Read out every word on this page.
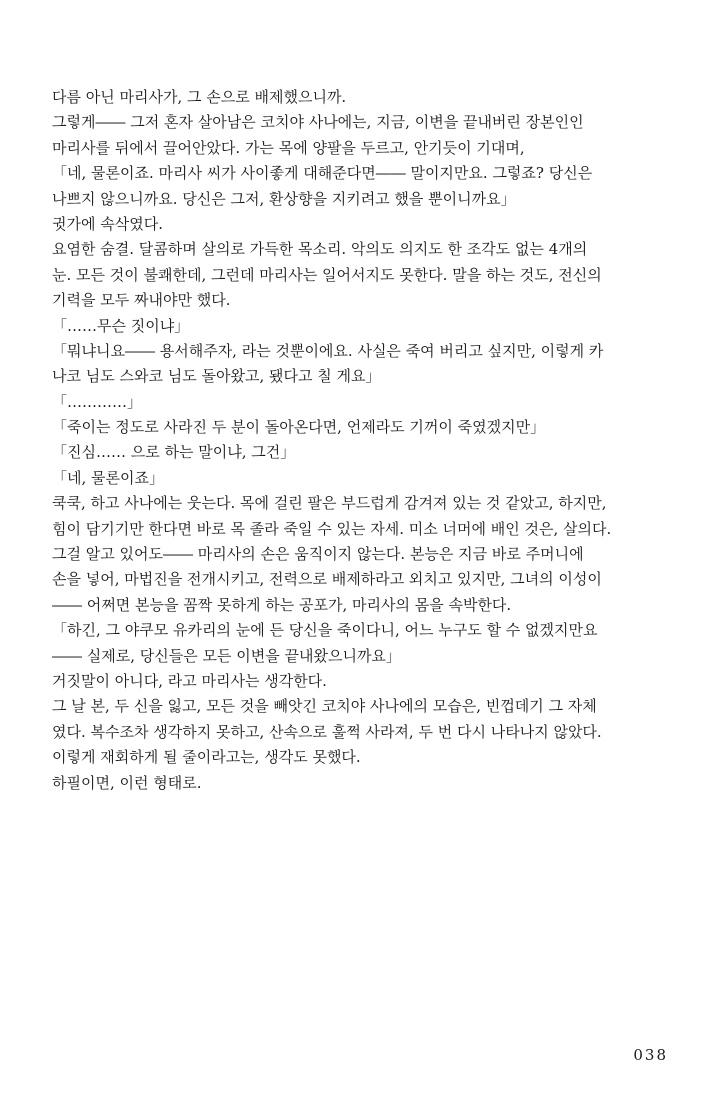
다름 아닌 마리사가, 그 손으로 배제했으니까.
그렇게―― 그저 혼자 살아남은 코치야 사나에는, 지금, 이변을 끝내버린 장본인인
마리사를 뒤에서 끌어안았다. 가는 목에 양팔을 두르고, 안기듯이 기대며,
「네, 물론이죠. 마리사 씨가 사이좋게 대해준다면―― 말이지만요. 그렇죠? 당신은
나쁘지 않으니까요. 당신은 그저, 환상향을 지키려고 했을 뿐이니까요」
귓가에 속삭였다.
요염한 숨결. 달콤하며 살의로 가득한 목소리. 악의도 의지도 한 조각도 없는 4개의
눈. 모든 것이 불쾌한데, 그런데 마리사는 일어서지도 못한다. 말을 하는 것도, 전신의
기력을 모두 짜내야만 했다.
「……무슨 짓이냐」
「뭐냐니요―― 용서해주자, 라는 것뿐이에요. 사실은 죽여 버리고 싶지만, 이렇게 카
나코 님도 스와코 님도 돌아왔고, 됐다고 칠 게요」
「…………」
「죽이는 정도로 사라진 두 분이 돌아온다면, 언제라도 기꺼이 죽였겠지만」
「진심…… 으로 하는 말이냐, 그건」
「네, 물론이죠」
쿡쿡, 하고 사나에는 웃는다. 목에 걸린 팔은 부드럽게 감겨져 있는 것 같았고, 하지만,
힘이 담기기만 한다면 바로 목 졸라 죽일 수 있는 자세. 미소 너머에 배인 것은, 살의다.
그걸 알고 있어도―― 마리사의 손은 움직이지 않는다. 본능은 지금 바로 주머니에
손을 넣어, 마법진을 전개시키고, 전력으로 배제하라고 외치고 있지만, 그녀의 이성이
―― 어쩌면 본능을 꼼짝 못하게 하는 공포가, 마리사의 몸을 속박한다.
「하긴, 그 야쿠모 유카리의 눈에 든 당신을 죽이다니, 어느 누구도 할 수 없겠지만요
―― 실제로, 당신들은 모든 이변을 끝내왔으니까요」
거짓말이 아니다, 라고 마리사는 생각한다.
그 날 본, 두 신을 잃고, 모든 것을 빼앗긴 코치야 사나에의 모습은, 빈껍데기 그 자체
였다. 복수조차 생각하지 못하고, 산속으로 훌쩍 사라져, 두 번 다시 나타나지 않았다.
이렇게 재회하게 될 줄이라고는, 생각도 못했다.
하필이면, 이런 형태로.
038
